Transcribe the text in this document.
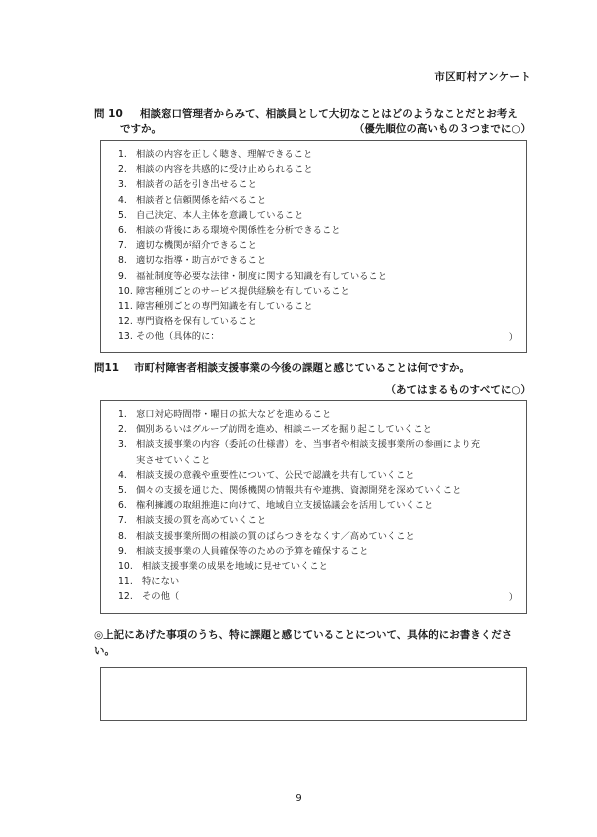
市区町村アンケート
問 10 相談窓口管理者からみて、相談員として大切なことはどのようなことだとお考え
ですか。	（優先順位の高いもの３つまでに○）
1. 相談の内容を正しく聴き、理解できること
2. 相談の内容を共感的に受け止められること
3. 相談者の話を引き出せること
4. 相談者と信頼関係を結べること
5. 自己決定、本人主体を意識していること
6. 相談の背後にある環境や関係性を分析できること
7. 適切な機関が紹介できること
8. 適切な指導・助言ができること
9. 福祉制度等必要な法律・制度に関する知識を有していること
10. 障害種別ごとのサービス提供経験を有していること
11. 障害種別ごとの専門知識を有していること
12. 専門資格を保有していること
13. その他（具体的に：	）
問11 市町村障害者相談支援事業の今後の課題と感じていることは何ですか。
（あてはまるものすべてに○）
1. 窓口対応時間帯・曜日の拡大などを進めること
2. 個別あるいはグループ訪問を進め、相談ニーズを掘り起こしていくこと
3. 相談支援事業の内容（委託の仕様書）を、当事者や相談支援事業所の参画により充
実させていくこと
4. 相談支援の意義や重要性について、公民で認識を共有していくこと
5. 個々の支援を通じた、関係機関の情報共有や連携、資源開発を深めていくこと
6. 権利擁護の取組推進に向けて、地域自立支援協議会を活用していくこと
7. 相談支援の質を高めていくこと
8. 相談支援事業所間の相談の質のばらつきをなくす／高めていくこと
9. 相談支援事業の人員確保等のための予算を確保すること
10. 相談支援事業の成果を地域に見せていくこと
11. 特にない
12. その他（	）
◎上記にあげた事項のうち、特に課題と感じていることについて、具体的にお書きくださ
い。
9
